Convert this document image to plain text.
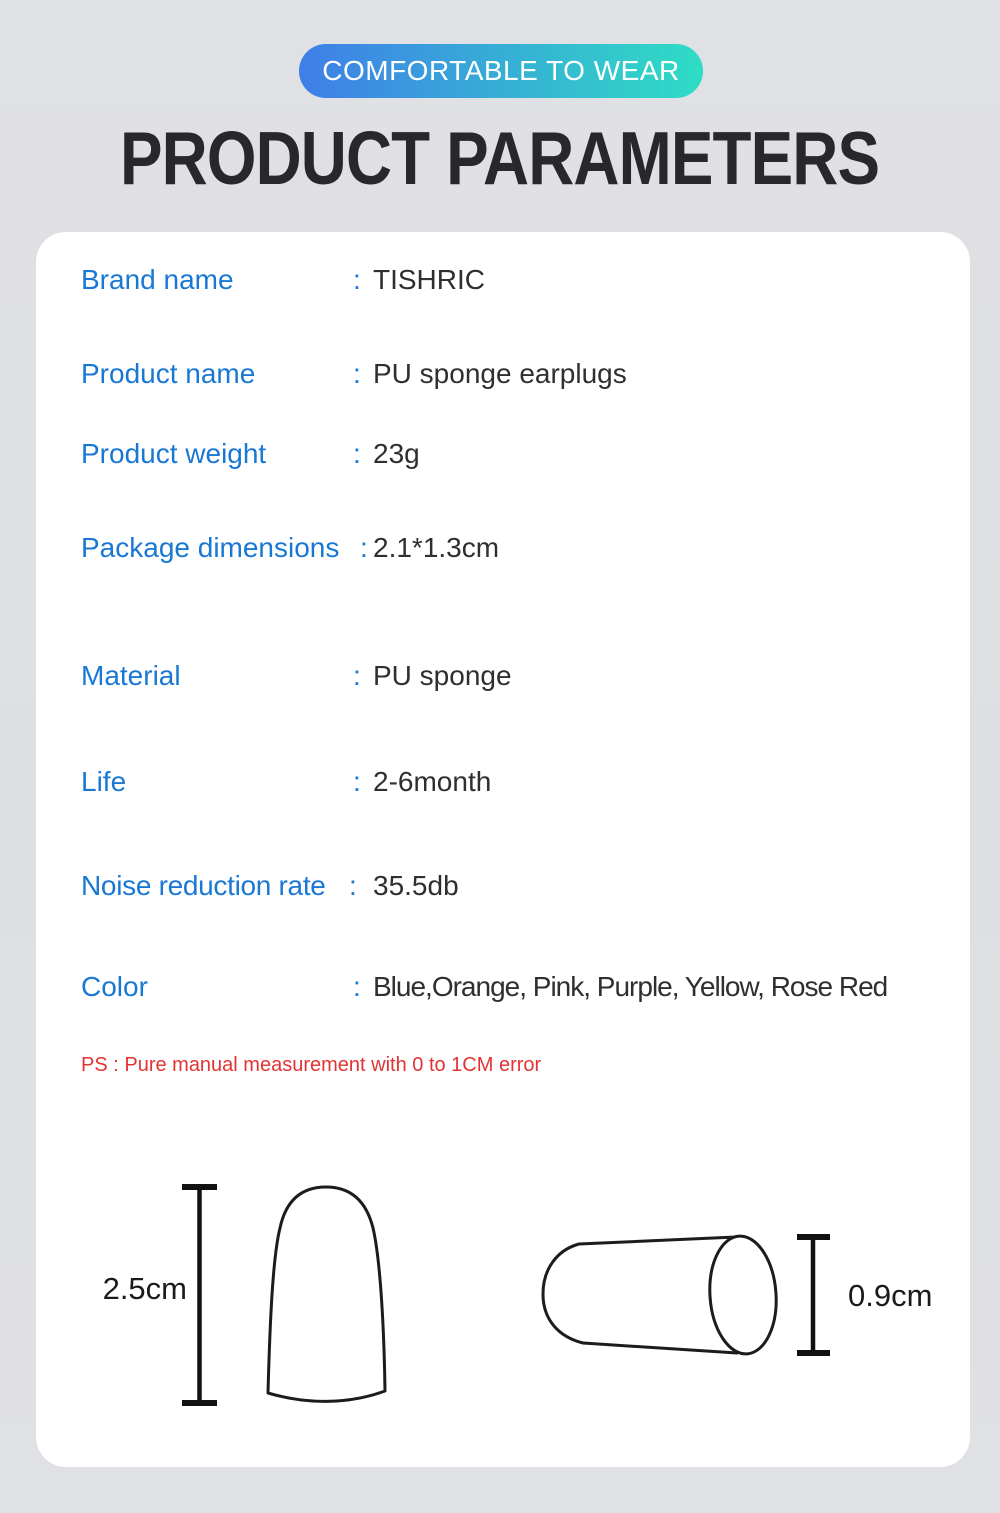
COMFORTABLE TO WEAR
PRODUCT PARAMETERS
Brand name	: TISHRIC
Product name	: PU sponge earplugs
Product weight	: 23g
Package dimensions : 2.1*1.3cm
Material	: PU sponge
Life	: 2-6month
Noise reduction rate : 35.5db
Color	: Blue,Orange, Pink, Purple, Yellow, Rose Red
PS : Pure manual measurement with 0 to 1CM error
2.5cm	0.9cm
